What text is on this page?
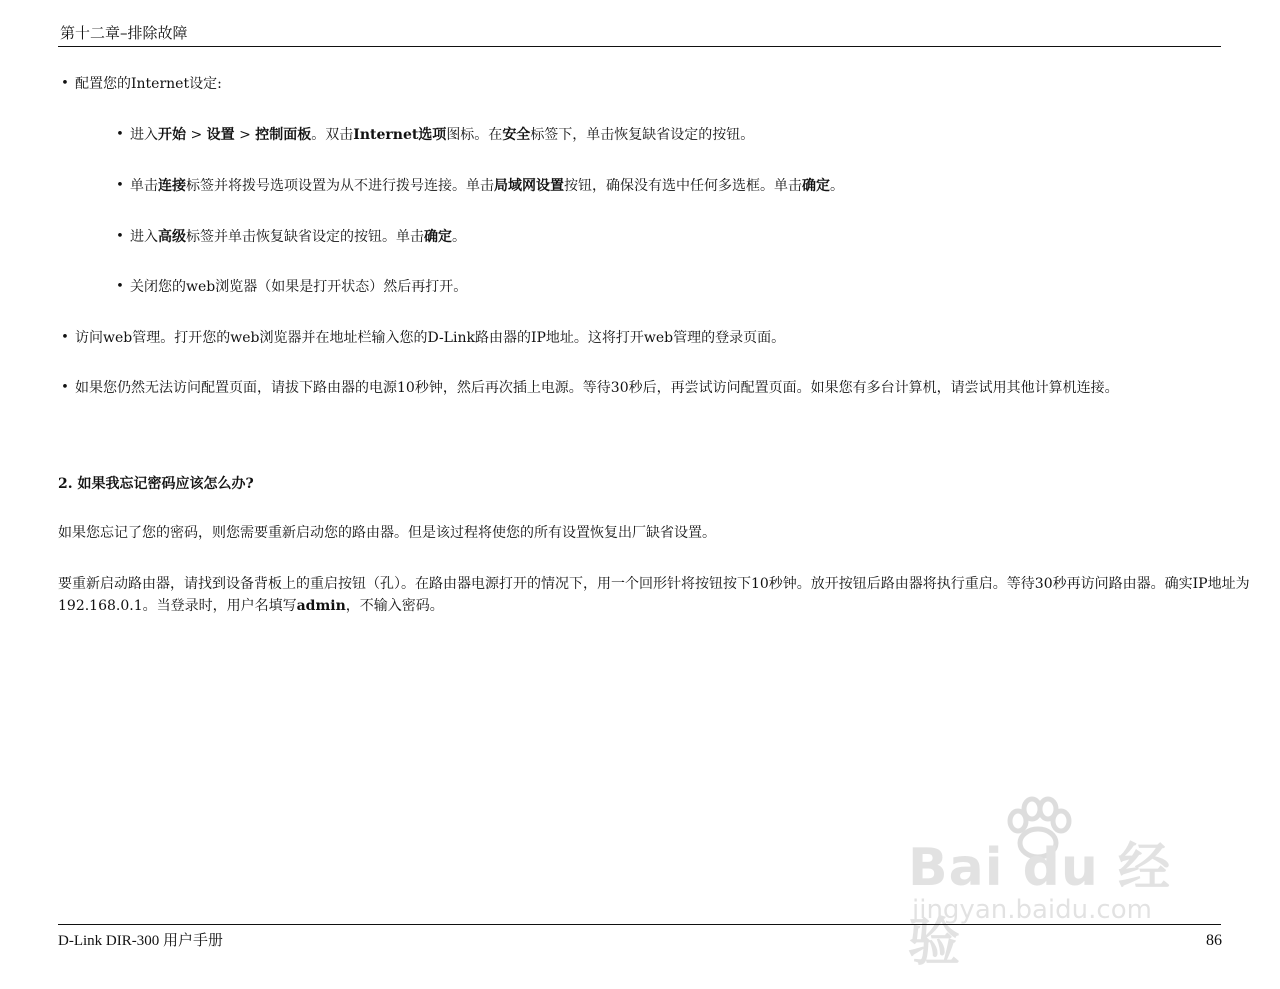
第十二章–排除故障
• 配置您的Internet设定:
• 进入开始 > 设置 > 控制面板。双击Internet选项图标。在安全标签下，单击恢复缺省设定的按钮。
• 单击连接标签并将拨号选项设置为从不进行拨号连接。单击局域网设置按钮，确保没有选中任何多选框。单击确定。
• 进入高级标签并单击恢复缺省设定的按钮。单击确定。
• 关闭您的web浏览器（如果是打开状态）然后再打开。
• 访问web管理。打开您的web浏览器并在地址栏输入您的D-Link路由器的IP地址。这将打开web管理的登录页面。
• 如果您仍然无法访问配置页面，请拔下路由器的电源10秒钟，然后再次插上电源。等待30秒后，再尝试访问配置页面。如果您有多台计算机，请尝试用其他计算机连接。
2. 如果我忘记密码应该怎么办?
如果您忘记了您的密码，则您需要重新启动您的路由器。但是该过程将使您的所有设置恢复出厂缺省设置。
要重新启动路由器，请找到设备背板上的重启按钮（孔）。在路由器电源打开的情况下，用一个回形针将按钮按下10秒钟。放开按钮后路由器将执行重启。等待30秒再访问路由器。确实IP地址为192.168.0.1。当登录时，用户名填写admin，不输入密码。
Bai du 经验
jingyan.baidu.com
D-Link DIR-300 用户手册	86
